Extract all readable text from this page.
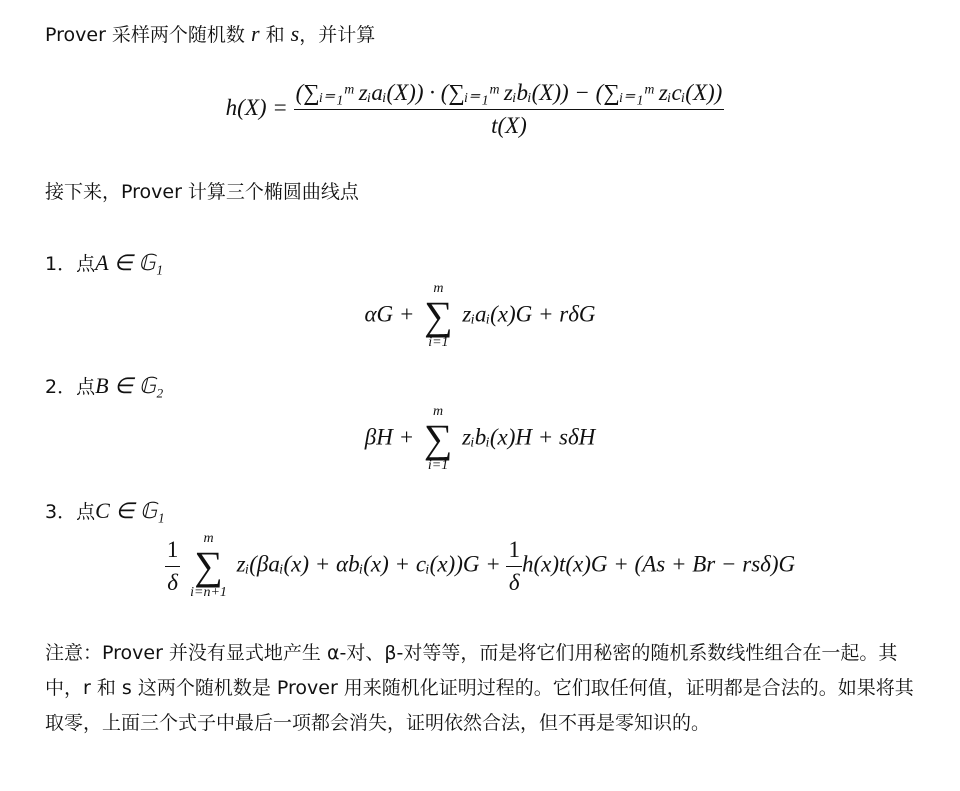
Prover 采样两个随机数 r 和 s，并计算
$h(X) = \frac{\text{(∑ᵢ₌₁ᵐ zᵢaᵢ(X)) · (∑ᵢ₌₁ᵐ zᵢbᵢ(X)) − (∑ᵢ₌₁ᵐ zᵢcᵢ(X))}}{t(X)}$
接下来，Prover 计算三个椭圆曲线点
1．点A ∈ 𝔾₁
αG +
m
∑
i=1
zᵢaᵢ(x)G + rδG
2．点B ∈ 𝔾₂
βH +
m
∑
i=1
zᵢbᵢ(x)H + sδH
3．点C ∈ 𝔾₁
$\frac{1}{\delta}$
m
∑
i=n+1
zᵢ(βaᵢ(x) + αbᵢ(x) + cᵢ(x))G + $\frac{1}{\delta} h(x)t(x)G + (As + Br - rs\delta)G$
注意：Prover 并没有显式地产生 α-对、β-对等等，而是将它们用秘密的随机系数线性组合在一起。其中，r 和 s 这两个随机数是 Prover 用来随机化证明过程的。它们取任何值，证明都是合法的。如果将其取零，上面三个式子中最后一项都会消失，证明依然合法，但不再是零知识的。
